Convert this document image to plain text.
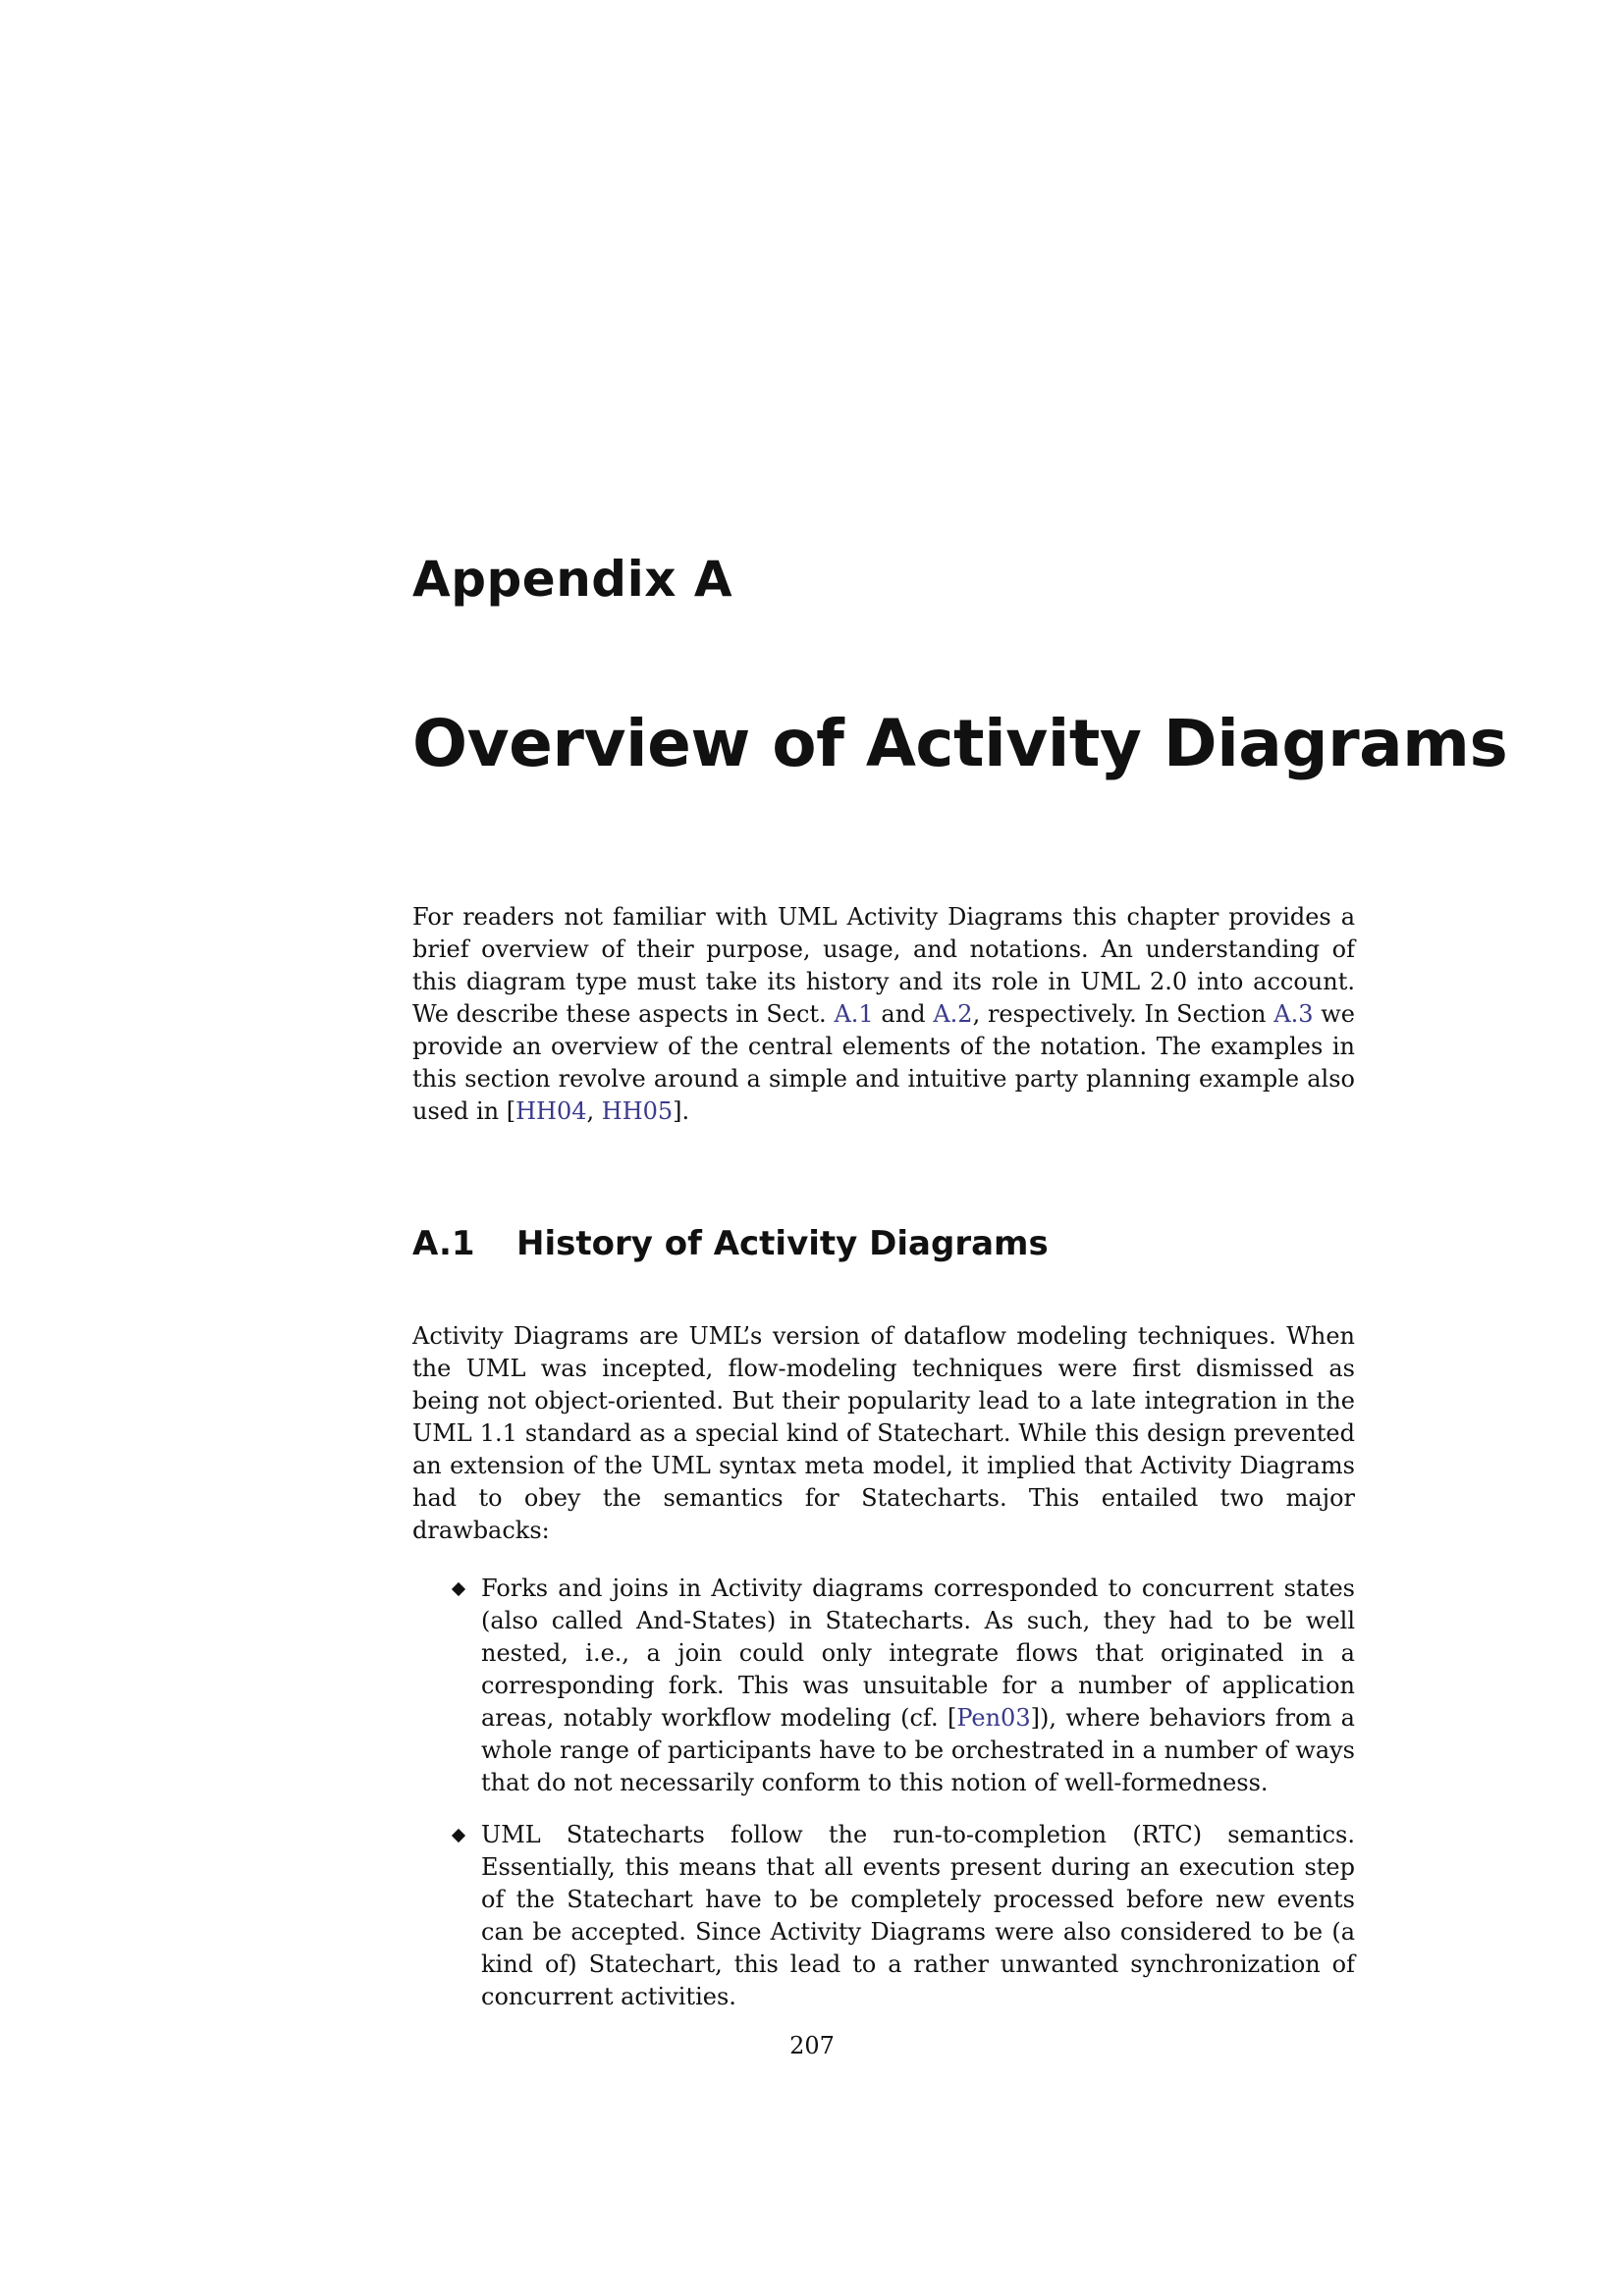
Appendix A
Overview of Activity Diagrams

For readers not familiar with UML Activity Diagrams this chapter provides a brief overview of their purpose, usage, and notations. An understanding of this diagram type must take its history and its role in UML 2.0 into account. We describe these aspects in Sect. A.1 and A.2, respectively. In Section A.3 we provide an overview of the central elements of the notation. The examples in this section revolve around a simple and intuitive party planning example also used in [HH04, HH05].

A.1	History of Activity Diagrams

Activity Diagrams are UML’s version of dataflow modeling techniques. When the UML was incepted, flow-modeling techniques were first dismissed as being not object-oriented. But their popularity lead to a late integration in the UML 1.1 standard as a special kind of Statechart. While this design prevented an extension of the UML syntax meta model, it implied that Activity Diagrams had to obey the semantics for Statecharts. This entailed two major drawbacks:

Forks and joins in Activity diagrams corresponded to concurrent states (also called And-States) in Statecharts. As such, they had to be well nested, i.e., a join could only integrate flows that originated in a corresponding fork. This was unsuitable for a number of application areas, notably workflow modeling (cf. [Pen03]), where behaviors from a whole range of participants have to be orchestrated in a number of ways that do not necessarily conform to this notion of well-formedness.
UML Statecharts follow the run-to-completion (RTC) semantics. Essentially, this means that all events present during an execution step of the Statechart have to be completely processed before new events can be accepted. Since Activity Diagrams were also considered to be (a kind of) Statechart, this lead to a rather unwanted synchronization of concurrent activities.
207
